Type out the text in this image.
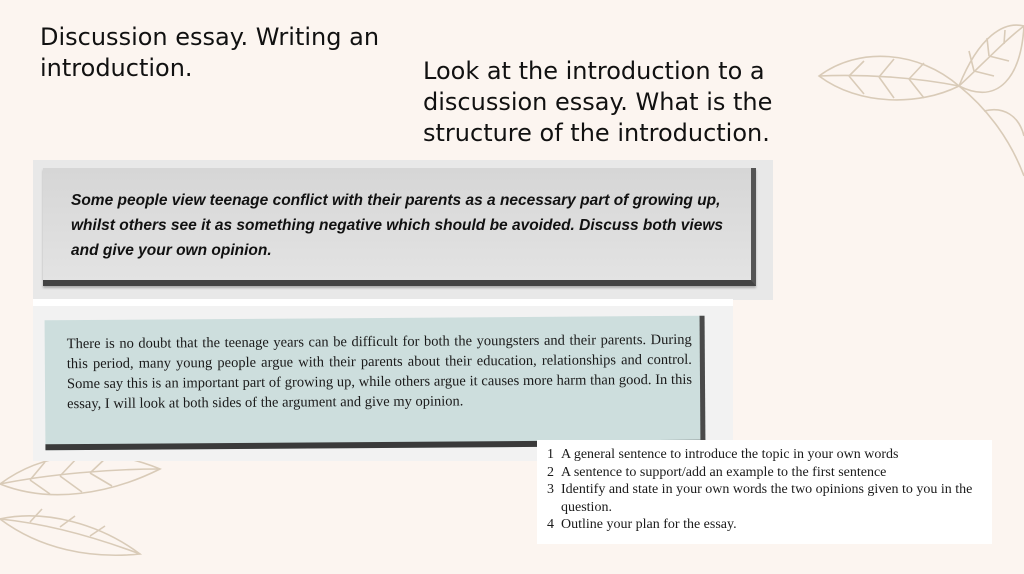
Discussion essay. Writing an introduction.	Look at the introduction to a discussion essay. What is the structure of the introduction.

Some people view teenage conflict with their parents as a necessary part of growing up, whilst others see it as something negative which should be avoided. Discuss both views and give your own opinion.

There is no doubt that the teenage years can be difficult for both the youngsters and their parents. During this period, many young people argue with their parents about their education, relationships and control. Some say this is an important part of growing up, while others argue it causes more harm than good. In this essay, I will look at both sides of the argument and give my opinion.

1 A general sentence to introduce the topic in your own words
2 A sentence to support/add an example to the first sentence
3 Identify and state in your own words the two opinions given to you in the question.
4 Outline your plan for the essay.
